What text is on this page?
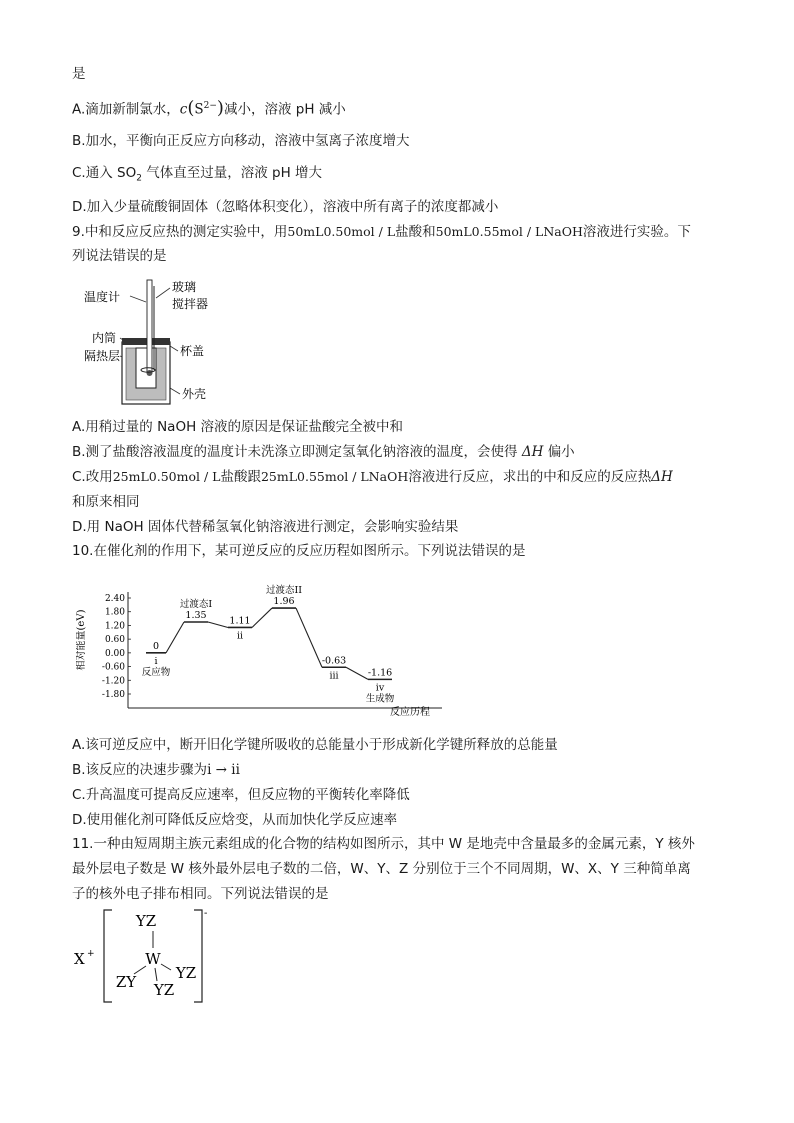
是
A.滴加新制氯水，$c(S^{2-})$减小，溶液 pH 减小
B.加水，平衡向正反应方向移动，溶液中氢离子浓度增大
C.通入 $SO_2$ 气体直至过量，溶液 pH 增大
D.加入少量硫酸铜固体（忽略体积变化），溶液中所有离子的浓度都减小
9.中和反应反应热的测定实验中，用50mL0.50mol / L盐酸和50mL0.55mol / LNaOH溶液进行实验。下
列说法错误的是
温度计
玻璃
搅拌器
内筒
隔热层	杯盖
外壳
A.用稍过量的 NaOH 溶液的原因是保证盐酸完全被中和
B.测了盐酸溶液温度的温度计未洗涤立即测定氢氧化钠溶液的温度，会使得 ΔH 偏小
C.改用25mL0.50mol / L盐酸跟25mL0.55mol / LNaOH溶液进行反应，求出的中和反应的反应热ΔH
和原来相同
D.用 NaOH 固体代替稀氢氧化钠溶液进行测定，会影响实验结果
10.在催化剂的作用下，某可逆反应的反应历程如图所示。下列说法错误的是
2.40
1.80
1.20
0.60
0.00
-0.60
-1.20
-1.80
0
i
反应物
1.35
过渡态I
1.11
ii
1.96
过渡态II
-0.63
iii	-1.16
iv
生成物
相对能量(eV)
反应历程
A.该可逆反应中，断开旧化学键所吸收的总能量小于形成新化学键所释放的总能量
B.该反应的决速步骤为i → ii
C.升高温度可提高反应速率，但反应物的平衡转化率降低
D.使用催化剂可降低反应焓变，从而加快化学反应速率
11.一种由短周期主族元素组成的化合物的结构如图所示，其中 W 是地壳中含量最多的金属元素，Y 核外
最外层电子数是 W 核外最外层电子数的二倍，W、Y、Z 分别位于三个不同周期，W、X、Y 三种简单离
子的核外电子排布相同。下列说法错误的是
X +
-
YZ
W
ZY	YZ
YZ
